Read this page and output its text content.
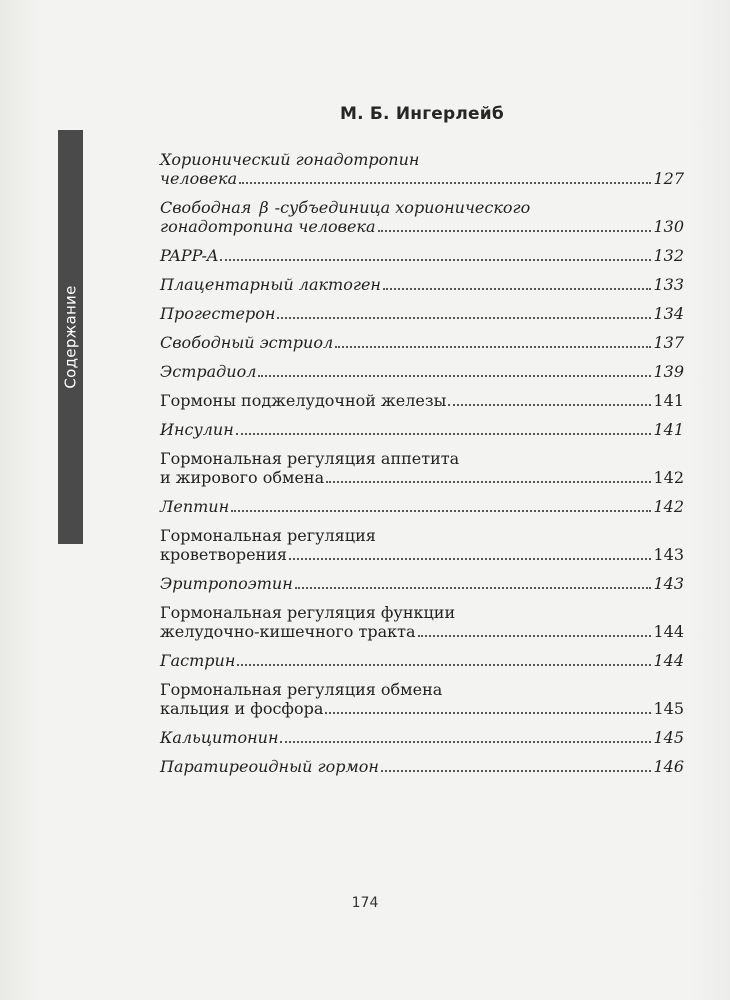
М. Б. Ингерлейб
Содержание
Хорионический гонадотропин
человека	127
Свободная β -субъединица хорионического
гонадотропина человека	130
PAPP-A	132
Плацентарный лактоген	133
Прогестерон	134
Свободный эстриол	137
Эстрадиол	139
Гормоны поджелудочной железы	141
Инсулин	141
Гормональная регуляция аппетита
и жирового обмена	142
Лептин	142
Гормональная регуляция
кроветворения	143
Эритропоэтин	143
Гормональная регуляция функции
желудочно-кишечного тракта	144
Гастрин	144
Гормональная регуляция обмена
кальция и фосфора	145
Кальцитонин	145
Паратиреоидный гормон	146
174
